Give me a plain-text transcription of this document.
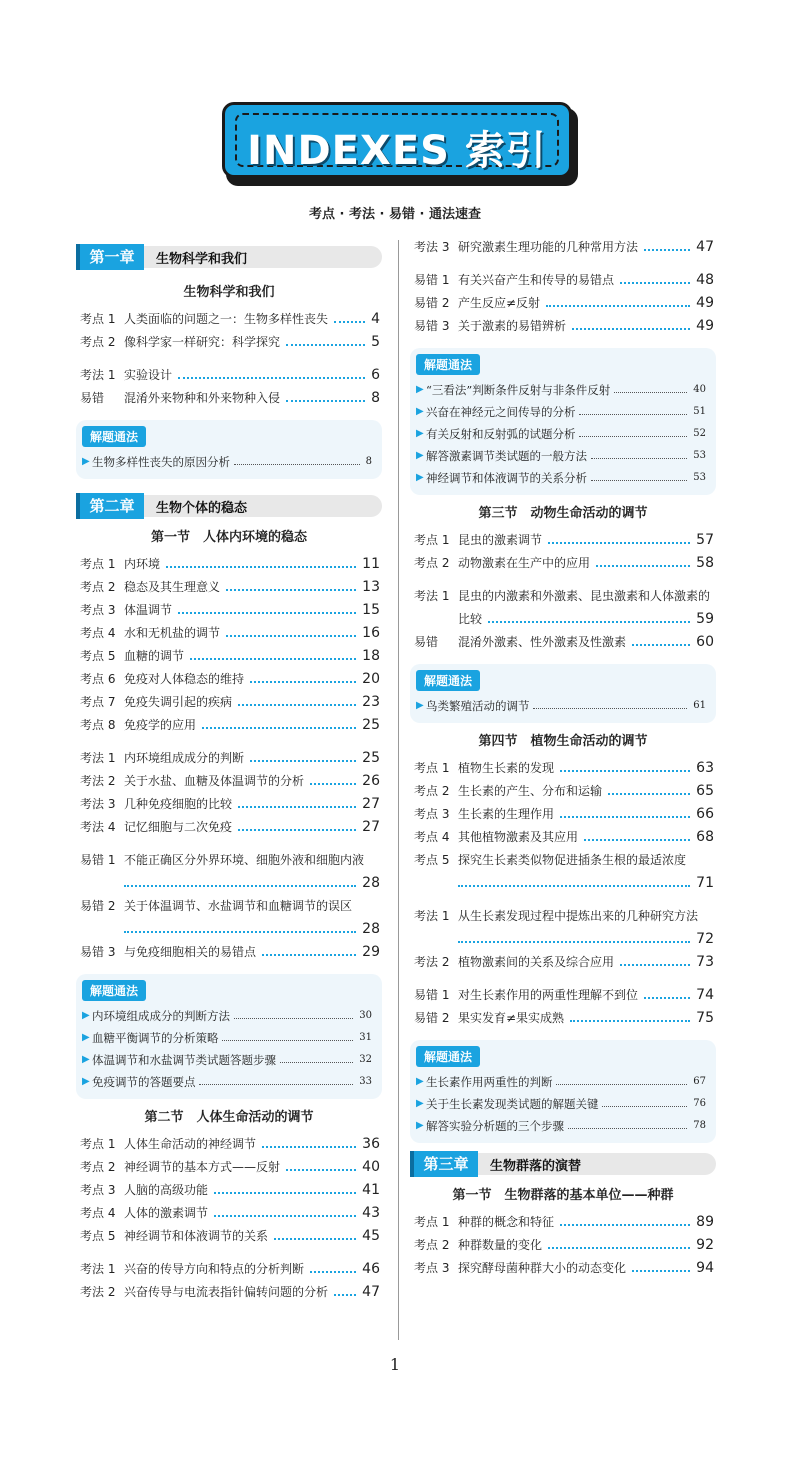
INDEXES 索引
考点 · 考法 · 易错 · 通法速查
第一章	生物科学和我们
生物科学和我们
考点 1 人类面临的问题之一：生物多样性丧失	4
考点 2 像科学家一样研究：科学探究	5
考法 1 实验设计	6
易错	混淆外来物种和外来物种入侵	8
解题通法
▶ 生物多样性丧失的原因分析	8
第二章	生物个体的稳态
第一节　人体内环境的稳态
考点 1 内环境	11
考点 2 稳态及其生理意义	13
考点 3 体温调节	15
考点 4 水和无机盐的调节	16
考点 5 血糖的调节	18
考点 6 免疫对人体稳态的维持	20
考点 7 免疫失调引起的疾病	23
考点 8 免疫学的应用	25
考法 1 内环境组成成分的判断	25
考法 2 关于水盐、血糖及体温调节的分析	26
考法 3 几种免疫细胞的比较	27
考法 4 记忆细胞与二次免疫	27
易错 1 不能正确区分外界环境、细胞外液和细胞内液
28
易错 2 关于体温调节、水盐调节和血糖调节的误区
28
易错 3 与免疫细胞相关的易错点	29
解题通法
▶ 内环境组成成分的判断方法	30
▶ 血糖平衡调节的分析策略	31
▶ 体温调节和水盐调节类试题答题步骤	32
▶ 免疫调节的答题要点	33
第二节　人体生命活动的调节
考点 1 人体生命活动的神经调节	36
考点 2 神经调节的基本方式——反射	40
考点 3 人脑的高级功能	41
考点 4 人体的激素调节	43
考点 5 神经调节和体液调节的关系	45
考法 1 兴奋的传导方向和特点的分析判断	46
考法 2 兴奋传导与电流表指针偏转问题的分析 47
考法 3 研究激素生理功能的几种常用方法	47
易错 1 有关兴奋产生和传导的易错点	48
易错 2 产生反应≠反射	49
易错 3 关于激素的易错辨析	49
解题通法
▶ “三看法”判断条件反射与非条件反射	40
▶ 兴奋在神经元之间传导的分析	51
▶ 有关反射和反射弧的试题分析	52
▶ 解答激素调节类试题的一般方法	53
▶ 神经调节和体液调节的关系分析	53
第三节　动物生命活动的调节
考点 1 昆虫的激素调节	57
考点 2 动物激素在生产中的应用	58
考法 1 昆虫的内激素和外激素、昆虫激素和人体激素的
比较	59
易错	混淆外激素、性外激素及性激素	60
解题通法
▶ 鸟类繁殖活动的调节	61
第四节　植物生命活动的调节
考点 1 植物生长素的发现	63
考点 2 生长素的产生、分布和运输	65
考点 3 生长素的生理作用	66
考点 4 其他植物激素及其应用	68
考点 5 探究生长素类似物促进插条生根的最适浓度
71
考法 1 从生长素发现过程中提炼出来的几种研究方法
72
考法 2 植物激素间的关系及综合应用	73
易错 1 对生长素作用的两重性理解不到位	74
易错 2 果实发育≠果实成熟	75
解题通法
▶ 生长素作用两重性的判断	67
▶ 关于生长素发现类试题的解题关键	76
▶ 解答实验分析题的三个步骤	78
第三章	生物群落的演替
第一节　生物群落的基本单位——种群
考点 1 种群的概念和特征	89
考点 2 种群数量的变化	92
考点 3 探究酵母菌种群大小的动态变化	94
1
